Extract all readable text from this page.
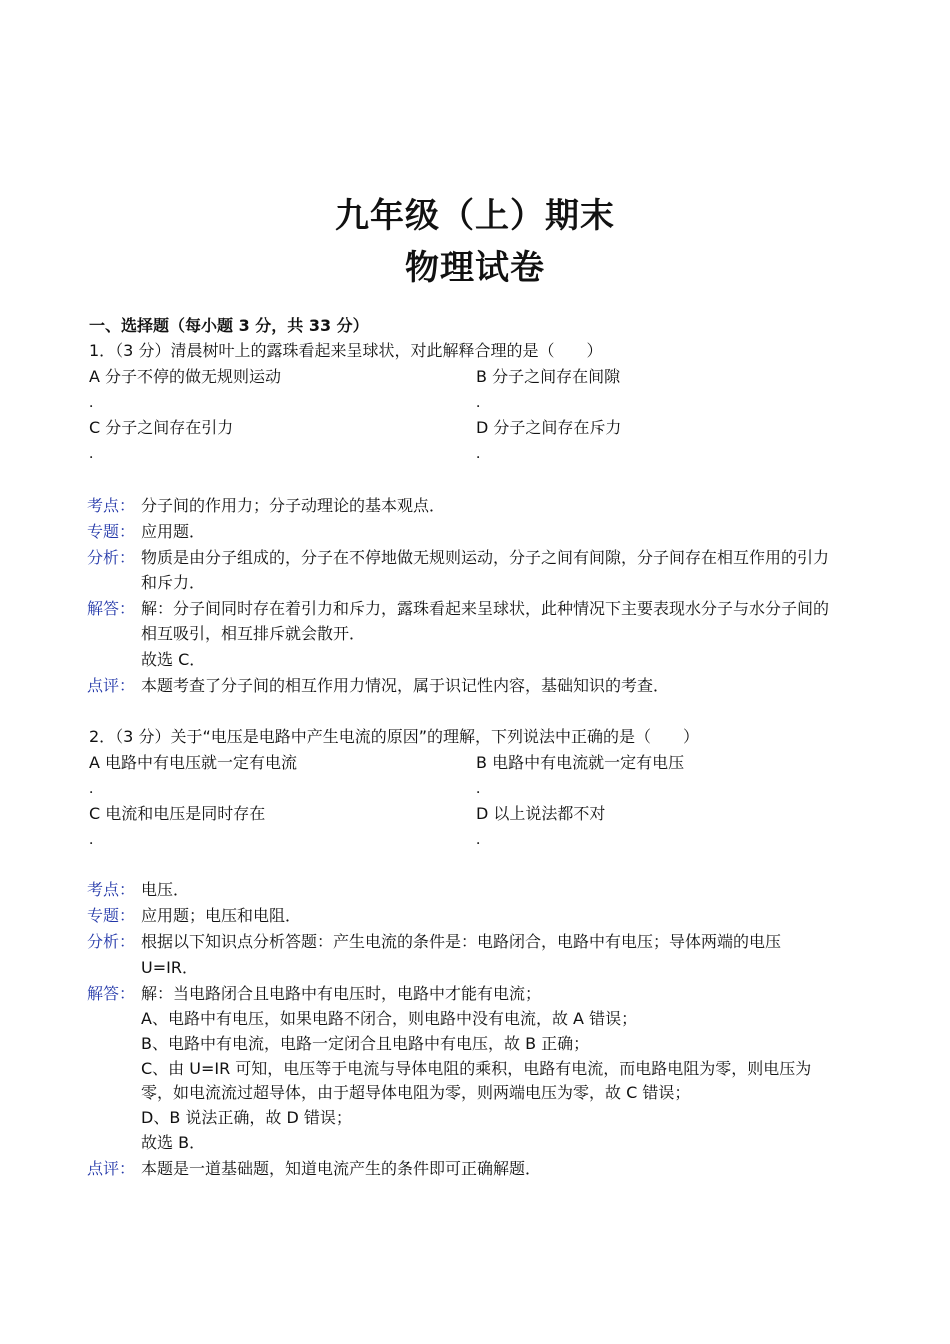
九年级（上）期末
物理试卷
一、选择题（每小题 3 分，共 33 分）
1．（3 分）清晨树叶上的露珠看起来呈球状，对此解释合理的是（　　）
A 分子不停的做无规则运动	B 分子之间存在间隙
．	．
C 分子之间存在引力	D 分子之间存在斥力
．	．
考点： 分子间的作用力；分子动理论的基本观点．
专题： 应用题．
分析： 物质是由分子组成的，分子在不停地做无规则运动，分子之间有间隙，分子间存在相互作用的引力
和斥力．
解答： 解：分子间同时存在着引力和斥力，露珠看起来呈球状，此种情况下主要表现水分子与水分子间的
相互吸引，相互排斥就会散开．
故选 C．
点评： 本题考查了分子间的相互作用力情况，属于识记性内容，基础知识的考查．
2．（3 分）关于“电压是电路中产生电流的原因”的理解，下列说法中正确的是（　　）
A 电路中有电压就一定有电流	B 电路中有电流就一定有电压
．	．
C 电流和电压是同时存在	D 以上说法都不对
．	．
考点： 电压．
专题： 应用题；电压和电阻．
分析： 根据以下知识点分析答题：产生电流的条件是：电路闭合，电路中有电压；导体两端的电压
U=IR．
解答： 解：当电路闭合且电路中有电压时，电路中才能有电流；
A、电路中有电压，如果电路不闭合，则电路中没有电流，故 A 错误；
B、电路中有电流，电路一定闭合且电路中有电压，故 B 正确；
C、由 U=IR 可知，电压等于电流与导体电阻的乘积，电路有电流，而电路电阻为零，则电压为
零，如电流流过超导体，由于超导体电阻为零，则两端电压为零，故 C 错误；
D、B 说法正确，故 D 错误；
故选 B．
点评： 本题是一道基础题，知道电流产生的条件即可正确解题．
